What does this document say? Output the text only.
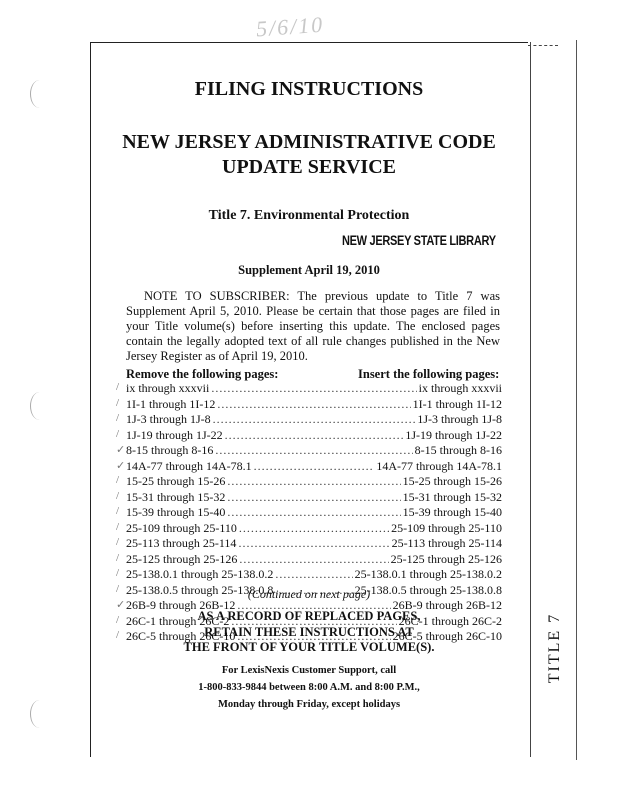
5/6/10
FILING INSTRUCTIONS
NEW JERSEY ADMINISTRATIVE CODE
UPDATE SERVICE
Title 7. Environmental Protection
NEW JERSEY STATE LIBRARY
Supplement April 19, 2010
NOTE TO SUBSCRIBER: The previous update to Title 7 was Supplement April 5, 2010. Please be certain that those pages are filed in your Title volume(s) before inserting this update. The enclosed pages contain the legally adopted text of all rule changes published in the New Jersey Register as of April 19, 2010.
Remove the following pages:	Insert the following pages:
/ ix through xxxvii .....	ix through xxxvii
/ 1I-1 through 1I-12 .....	1I-1 through 1I-12
/ 1J-3 through 1J-8 .....	1J-3 through 1J-8
/ 1J-19 through 1J-22 .....	1J-19 through 1J-22
✓ 8-15 through 8-16 .....	8-15 through 8-16
✓ 14A-77 through 14A-78.1 .....	14A-77 through 14A-78.1
/ 15-25 through 15-26 .....	15-25 through 15-26
/ 15-31 through 15-32 .....	15-31 through 15-32
/ 15-39 through 15-40 .....	15-39 through 15-40
/ 25-109 through 25-110 .....	25-109 through 25-110
/ 25-113 through 25-114 .....	25-113 through 25-114
/ 25-125 through 25-126 .....	25-125 through 25-126
/ 25-138.0.1 through 25-138.0.2 .....	25-138.0.1 through 25-138.0.2
/ 25-138.0.5 through 25-138.0.8 .....	25-138.0.5 through 25-138.0.8
✓ 26B-9 through 26B-12 .....	26B-9 through 26B-12
/ 26C-1 through 26C-2 .....	26C-1 through 26C-2
/ 26C-5 through 26C-10 .....	26C-5 through 26C-10
(Continued on next page)
AS A RECORD OF REPLACED PAGES,
RETAIN THESE INSTRUCTIONS AT
THE FRONT OF YOUR TITLE VOLUME(S).
For LexisNexis Customer Support, call
1-800-833-9844 between 8:00 A.M. and 8:00 P.M.,
Monday through Friday, except holidays
TITLE 7
